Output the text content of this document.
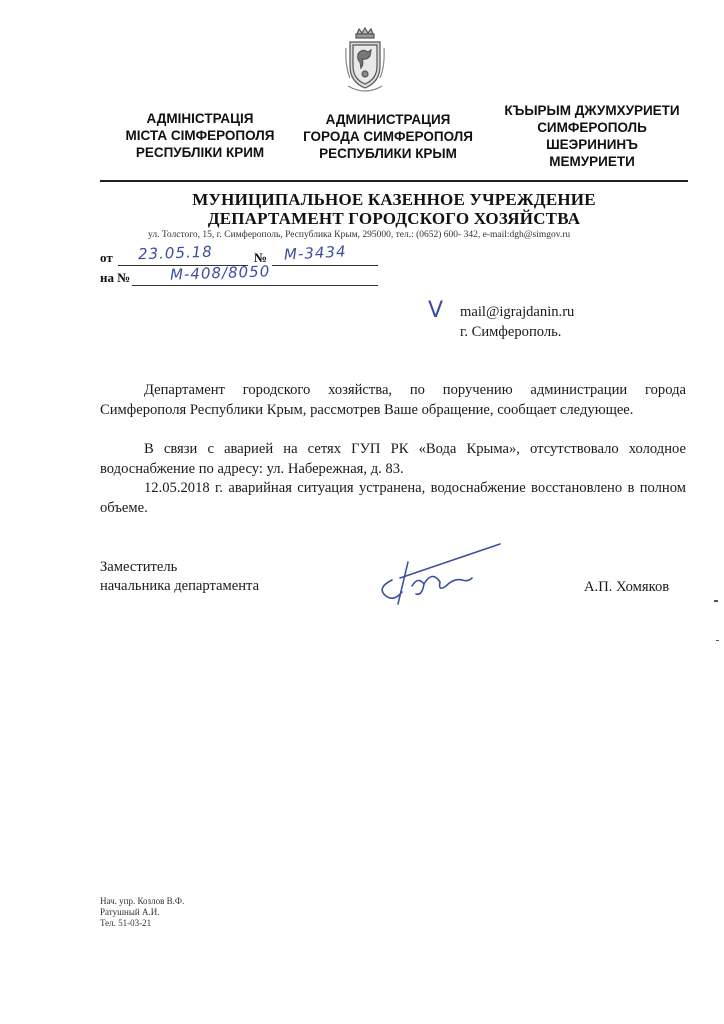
АДМІНІСТРАЦІЯ
МІСТА СІМФЕРОПОЛЯ
РЕСПУБЛІКИ КРИМ
АДМИНИСТРАЦИЯ
ГОРОДА СИМФЕРОПОЛЯ
РЕСПУБЛИКИ КРЫМ
КЪЫРЫМ ДЖУМХУРИЕТИ
СИМФЕРОПОЛЬ
ШЕЭРИНИНЪ
МЕМУРИЕТИ
МУНИЦИПАЛЬНОЕ КАЗЕННОЕ УЧРЕЖДЕНИЕ
ДЕПАРТАМЕНТ ГОРОДСКОГО ХОЗЯЙСТВА
ул. Толстого, 15, г. Симферополь, Республика Крым, 295000, тел.: (0652) 600- 342, e-mail:dgh@simgov.ru
от 23.05.18	№ М-3434
на №	М-408/8050
V mail@igrajdanin.ru
г. Симферополь.
Департамент городского хозяйства, по поручению администрации города Симферополя Республики Крым, рассмотрев Ваше обращение, сообщает следующее.
В связи с аварией на сетях ГУП РК «Вода Крыма», отсутствовало холодное водоснабжение по адресу: ул. Набережная, д. 83.
12.05.2018 г. аварийная ситуация устранена, водоснабжение восстановлено в полном объеме.
Заместитель
начальника департамента	А.П. Хомяков
Нач. упр. Козлов В.Ф.
Ратушный А.И.
Тел. 51-03-21
